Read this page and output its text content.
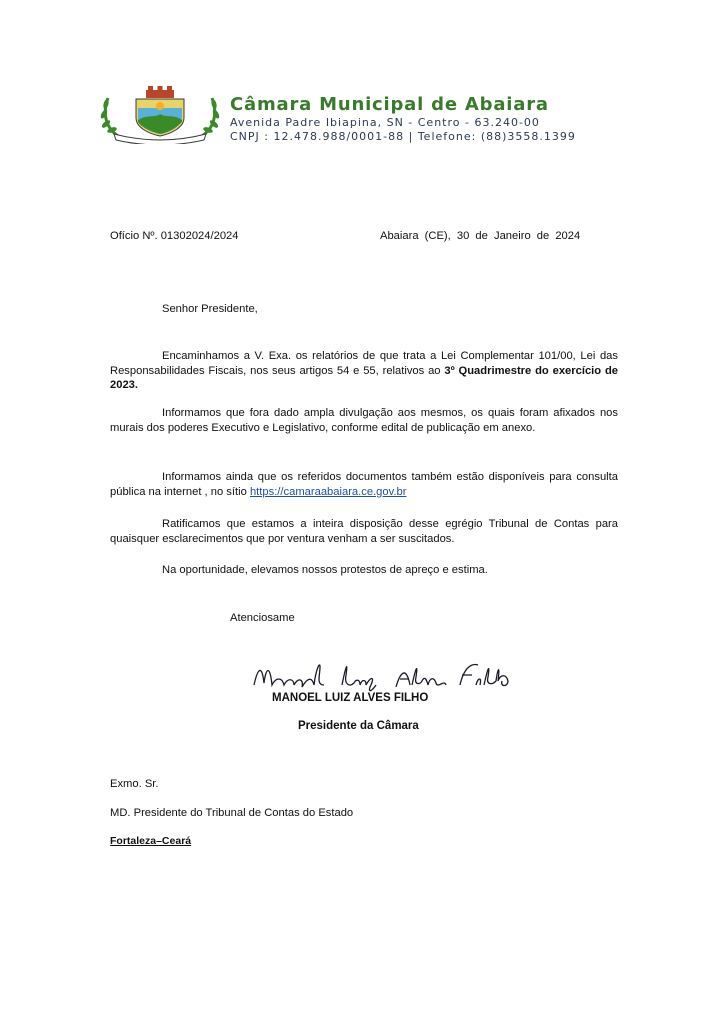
Câmara Municipal de Abaiara
Avenida Padre Ibiapina, SN - Centro - 63.240-00
CNPJ : 12.478.988/0001-88 | Telefone: (88)3558.1399
Ofício Nº. 01302024/2024	Abaiara (CE), 30 de Janeiro de 2024
Senhor Presidente,
Encaminhamos a V. Exa. os relatórios de que trata a Lei Complementar 101/00, Lei das Responsabilidades Fiscais, nos seus artigos 54 e 55, relativos ao 3º Quadrimestre do exercício de 2023.
Informamos que fora dado ampla divulgação aos mesmos, os quais foram afixados nos murais dos poderes Executivo e Legislativo, conforme edital de publicação em anexo.
Informamos ainda que os referidos documentos também estão disponíveis para consulta pública na internet , no sítio https://camaraabaiara.ce.gov.br
Ratificamos que estamos a inteira disposição desse egrégio Tribunal de Contas para quaisquer esclarecimentos que por ventura venham a ser suscitados.
Na oportunidade, elevamos nossos protestos de apreço e estima.
Atenciosame
MANOEL LUIZ ALVES FILHO
Presidente da Câmara
Exmo. Sr.
MD. Presidente do Tribunal de Contas do Estado
Fortaleza–Ceará
